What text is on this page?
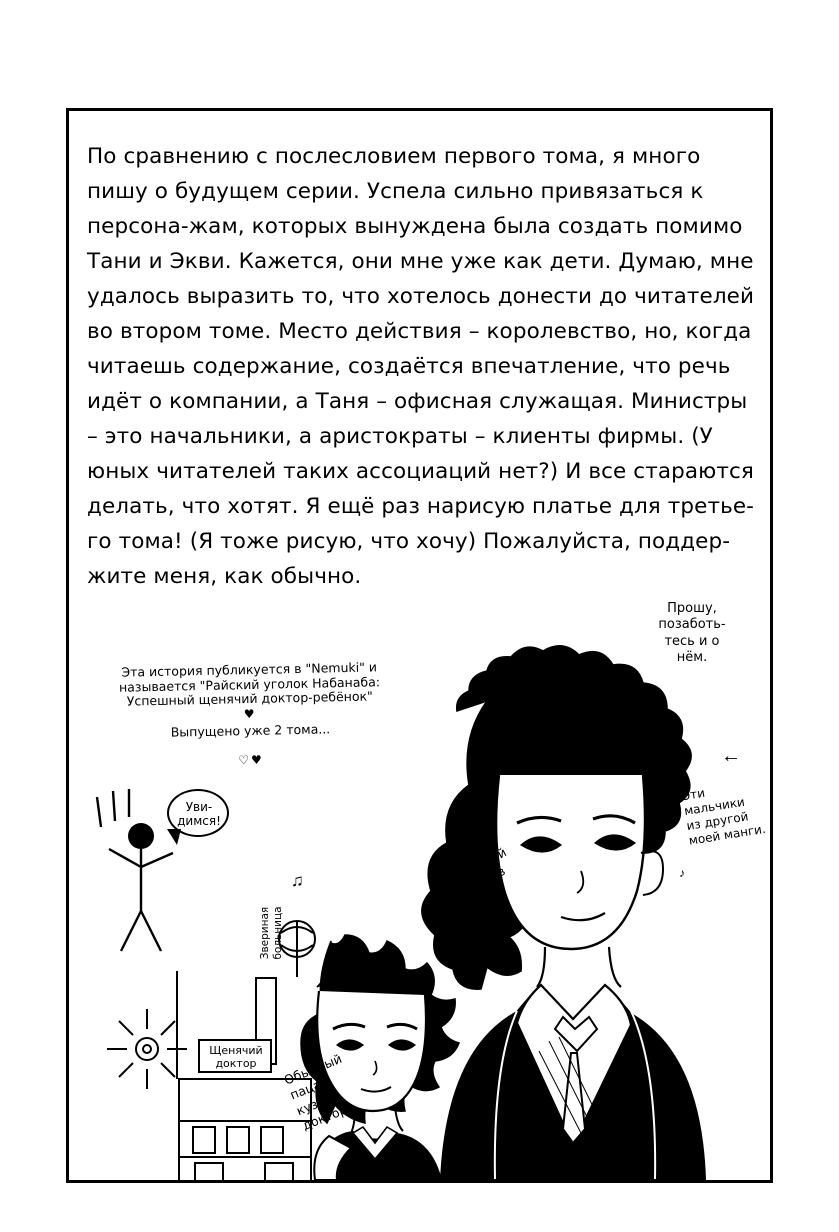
По сравнению с послесловием первого тома, я много пишу о будущем серии. Успела сильно привязаться к персона-жам, которых вынуждена была создать помимо Тани и Экви. Кажется, они мне уже как дети. Думаю, мне удалось выразить то, что хотелось донести до читателей во втором томе. Место действия – королевство, но, когда читаешь содержание, создаётся впечатление, что речь идёт о компании, а Таня – офисная служащая. Министры – это начальники, а аристократы – клиенты фирмы. (У юных читателей таких ассоциаций нет?) И все стараются делать, что хотят. Я ещё раз нарисую платье для третье-го тома! (Я тоже рисую, что хочу) Пожалуйста, поддер-жите меня, как обычно.

Эта история публикуется в "Nemuki" и называется "Райский уголок Набанаба: Успешный щенячий доктор-ребёнок"
♥

Выпущено уже 2 тома...

♡♥

Прошу, позаботь-тесь и о нём.
←
Эти мальчики из другой моей манги.
15-летний доктор в долгах.
Обычный пацан, кузен доктора.
Звериная больница
Щенячий доктор
Уви-димся!
♫	♪
